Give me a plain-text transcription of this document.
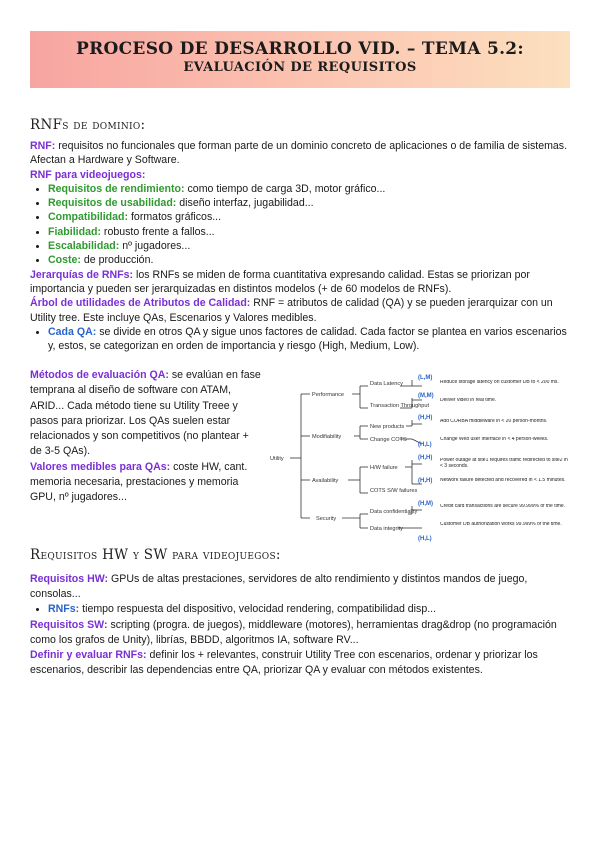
PROCESO DE DESARROLLO VID. – TEMA 5.2:
EVALUACIÓN DE REQUISITOS
RNFs de dominio:

RNF: requisitos no funcionales que forman parte de un dominio concreto de aplicaciones o de familia de sistemas. Afectan a Hardware y Software.

RNF para videojuegos:

• Requisitos de rendimiento: como tiempo de carga 3D, motor gráfico...
• Requisitos de usabilidad: diseño interfaz, jugabilidad...
• Compatibilidad: formatos gráficos...
• Fiabilidad: robusto frente a fallos...
• Escalabilidad: nº jugadores...
• Coste: de producción.

Jerarquías de RNFs: los RNFs se miden de forma cuantitativa expresando calidad. Estas se priorizan por importancia y pueden ser jerarquizadas en distintos modelos (+ de 60 modelos de RNFs).

Árbol de utilidades de Atributos de Calidad: RNF = atributos de calidad (QA) y se pueden jerarquizar con un Utility tree. Este incluye QAs, Escenarios y Valores medibles.

• Cada QA: se divide en otros QA y sigue unos factores de calidad. Cada factor se plantea en varios escenarios y, estos, se categorizan en orden de importancia y riesgo (High, Medium, Low).

Métodos de evaluación QA: se evalúan en fase temprana al diseño de software con ATAM, ARID... Cada método tiene su Utility Treee y pasos para priorizar. Los QAs suelen estar relacionados y son competitivos (no plantear + de 3-5 QAs).

Valores medibles para QAs: coste HW, cant. memoria necesaria, prestaciones y memoria GPU, nº jugadores...

Utility
Performance
Modifiability
Availability
Security
Data Latency
Transaction Throughput
New products
Change COTS
H/W failure
COTS S/W failures
Data confidentiality
Data integrity
(L,M)
(M,M)
(H,H)
(H,L)
(H,H)
(H,H)
(H,M)
(H,L)
Reduce storage latency on customer DB to < 200 ms.
Deliver video in real time.
Add CORBA middleware in < 20 person-months.
Change Web user interface in < 4 person-weeks.
Power outage at site1 requires traffic redirected to site2 in < 3 seconds.
Network failure detected and recovered in < 1.5 minutes.
Credit card transactions are secure 99.999% of the time.
Customer DB authorization works 99.999% of the time.
Requisitos HW y SW para videojuegos:

Requisitos HW: GPUs de altas prestaciones, servidores de alto rendimiento y distintos mandos de juego, consolas...

• RNFs: tiempo respuesta del dispositivo, velocidad rendering, compatibilidad disp...

Requisitos SW: scripting (progra. de juegos), middleware (motores), herramientas drag&drop (no programación como los grafos de Unity), librías, BBDD, algoritmos IA, software RV...

Definir y evaluar RNFs: definir los + relevantes, construir Utility Tree con escenarios, ordenar y priorizar los escenarios, describir las dependencias entre QA, priorizar QA y evaluar con métodos existentes.
